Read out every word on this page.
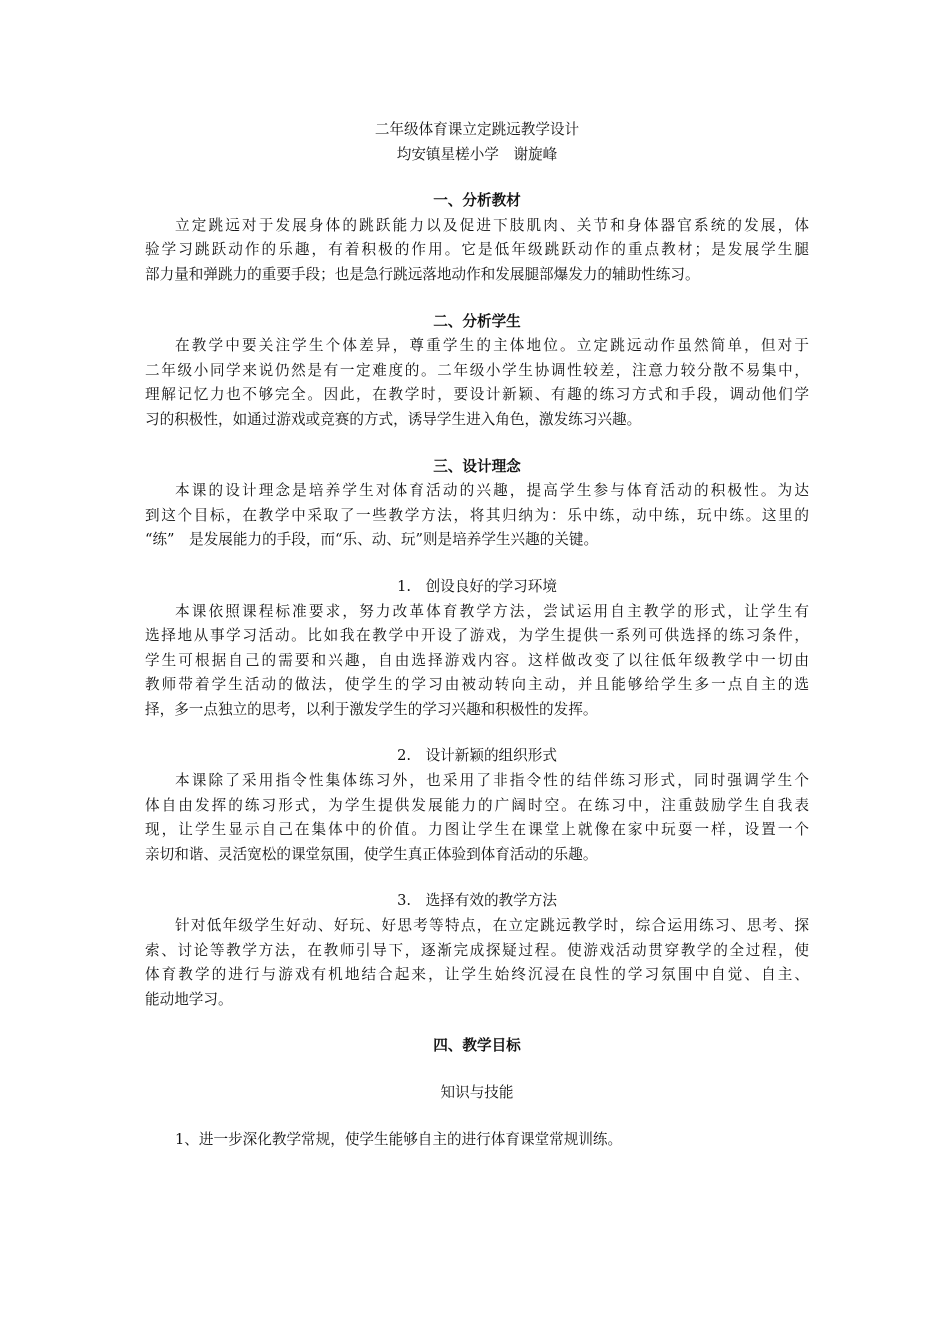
二年级体育课立定跳远教学设计
均安镇星槎小学　谢旋峰
一、分析教材
立定跳远对于发展身体的跳跃能力以及促进下肢肌肉、关节和身体器官系统的发展，体
验学习跳跃动作的乐趣，有着积极的作用。它是低年级跳跃动作的重点教材；是发展学生腿
部力量和弹跳力的重要手段；也是急行跳远落地动作和发展腿部爆发力的辅助性练习。
二、分析学生
在教学中要关注学生个体差异，尊重学生的主体地位。立定跳远动作虽然简单，但对于
二年级小同学来说仍然是有一定难度的。二年级小学生协调性较差，注意力较分散不易集中，
理解记忆力也不够完全。因此，在教学时，要设计新颖、有趣的练习方式和手段，调动他们学
习的积极性，如通过游戏或竞赛的方式，诱导学生进入角色，激发练习兴趣。
三、设计理念
本课的设计理念是培养学生对体育活动的兴趣，提高学生参与体育活动的积极性。为达
到这个目标，在教学中采取了一些教学方法，将其归纳为：乐中练，动中练，玩中练。这里的
“练”　是发展能力的手段，而“乐、动、玩”则是培养学生兴趣的关键。
1.　创设良好的学习环境
本课依照课程标准要求，努力改革体育教学方法，尝试运用自主教学的形式，让学生有
选择地从事学习活动。比如我在教学中开设了游戏，为学生提供一系列可供选择的练习条件，
学生可根据自己的需要和兴趣，自由选择游戏内容。这样做改变了以往低年级教学中一切由
教师带着学生活动的做法，使学生的学习由被动转向主动，并且能够给学生多一点自主的选
择，多一点独立的思考，以利于激发学生的学习兴趣和积极性的发挥。
2.　设计新颖的组织形式
本课除了采用指令性集体练习外，也采用了非指令性的结伴练习形式，同时强调学生个
体自由发挥的练习形式，为学生提供发展能力的广阔时空。在练习中，注重鼓励学生自我表
现，让学生显示自己在集体中的价值。力图让学生在课堂上就像在家中玩耍一样，设置一个
亲切和谐、灵活宽松的课堂氛围，使学生真正体验到体育活动的乐趣。
3.　选择有效的教学方法
针对低年级学生好动、好玩、好思考等特点，在立定跳远教学时，综合运用练习、思考、探
索、讨论等教学方法，在教师引导下，逐渐完成探疑过程。使游戏活动贯穿教学的全过程，使
体育教学的进行与游戏有机地结合起来，让学生始终沉浸在良性的学习氛围中自觉、自主、
能动地学习。
四、教学目标
知识与技能
1、进一步深化教学常规，使学生能够自主的进行体育课堂常规训练。
